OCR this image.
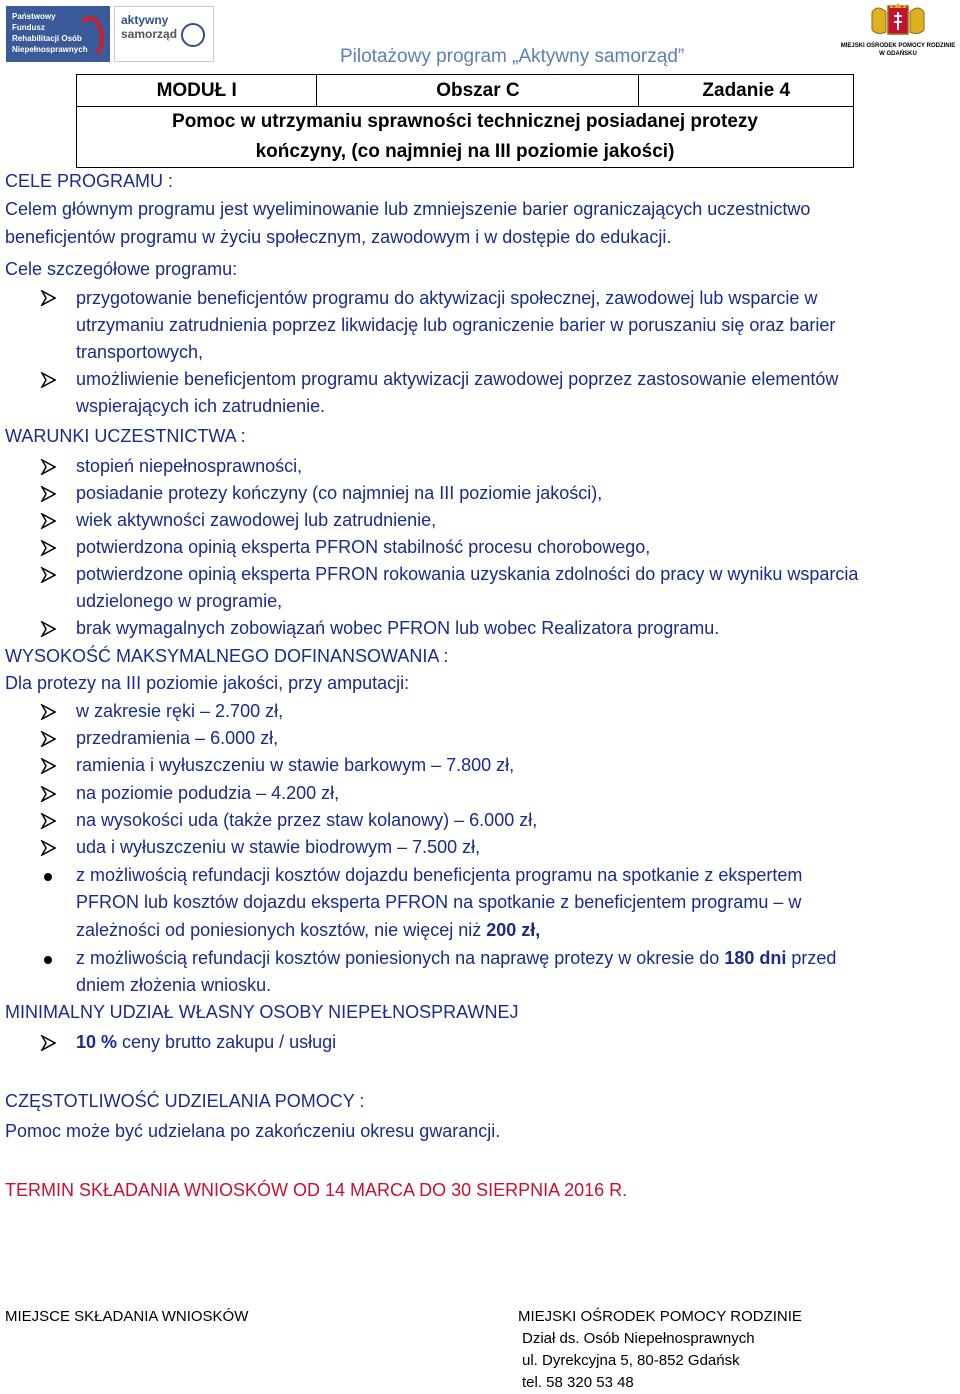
Państwowy Fundusz Rehabilitacji Osób Niepełnosprawnych
aktywny
samorząd
MIEJSKI OŚRODEK POMOCY RODZINIE W GDAŃSKU
Pilotażowy program „Aktywny samorząd”
MODUŁ I	Obszar C	Zadanie 4

Pomoc w utrzymaniu sprawności technicznej posiadanej protezy
kończyny, (co najmniej na III poziomie jakości)
CELE PROGRAMU :
Celem głównym programu jest wyeliminowanie lub zmniejszenie barier ograniczających uczestnictwo
beneficjentów programu w życiu społecznym, zawodowym i w dostępie do edukacji.
Cele szczegółowe programu:
przygotowanie beneficjentów programu do aktywizacji społecznej, zawodowej lub wsparcie w
utrzymaniu zatrudnienia poprzez likwidację lub ograniczenie barier w poruszaniu się oraz barier
transportowych,
umożliwienie beneficjentom programu aktywizacji zawodowej poprzez zastosowanie elementów
wspierających ich zatrudnienie.
WARUNKI UCZESTNICTWA :
stopień niepełnosprawności,
posiadanie protezy kończyny (co najmniej na III poziomie jakości),
wiek aktywności zawodowej lub zatrudnienie,
potwierdzona opinią eksperta PFRON stabilność procesu chorobowego,
potwierdzone opinią eksperta PFRON rokowania uzyskania zdolności do pracy w wyniku wsparcia
udzielonego w programie,
brak wymagalnych zobowiązań wobec PFRON lub wobec Realizatora programu.
WYSOKOŚĆ MAKSYMALNEGO DOFINANSOWANIA :
Dla protezy na III poziomie jakości, przy amputacji:
w zakresie ręki – 2.700 zł,
przedramienia – 6.000 zł,
ramienia i wyłuszczeniu w stawie barkowym – 7.800 zł,
na poziomie podudzia – 4.200 zł,
na wysokości uda (także przez staw kolanowy) – 6.000 zł,
uda i wyłuszczeniu w stawie biodrowym – 7.500 zł,
z możliwością refundacji kosztów dojazdu beneficjenta programu na spotkanie z ekspertem
PFRON lub kosztów dojazdu eksperta PFRON na spotkanie z beneficjentem programu – w
zależności od poniesionych kosztów, nie więcej niż 200 zł,
z możliwością refundacji kosztów poniesionych na naprawę protezy w okresie do 180 dni przed
dniem złożenia wniosku.
MINIMALNY UDZIAŁ WŁASNY OSOBY NIEPEŁNOSPRAWNEJ
10 % ceny brutto zakupu / usługi
CZĘSTOTLIWOŚĆ UDZIELANIA POMOCY :
Pomoc może być udzielana po zakończeniu okresu gwarancji.
TERMIN SKŁADANIA WNIOSKÓW OD 14 MARCA DO 30 SIERPNIA 2016 R.
MIEJSCE SKŁADANIA WNIOSKÓW	MIEJSKI OŚRODEK POMOCY RODZINIE
Dział ds. Osób Niepełnosprawnych
ul. Dyrekcyjna 5, 80-852 Gdańsk
tel. 58 320 53 48
